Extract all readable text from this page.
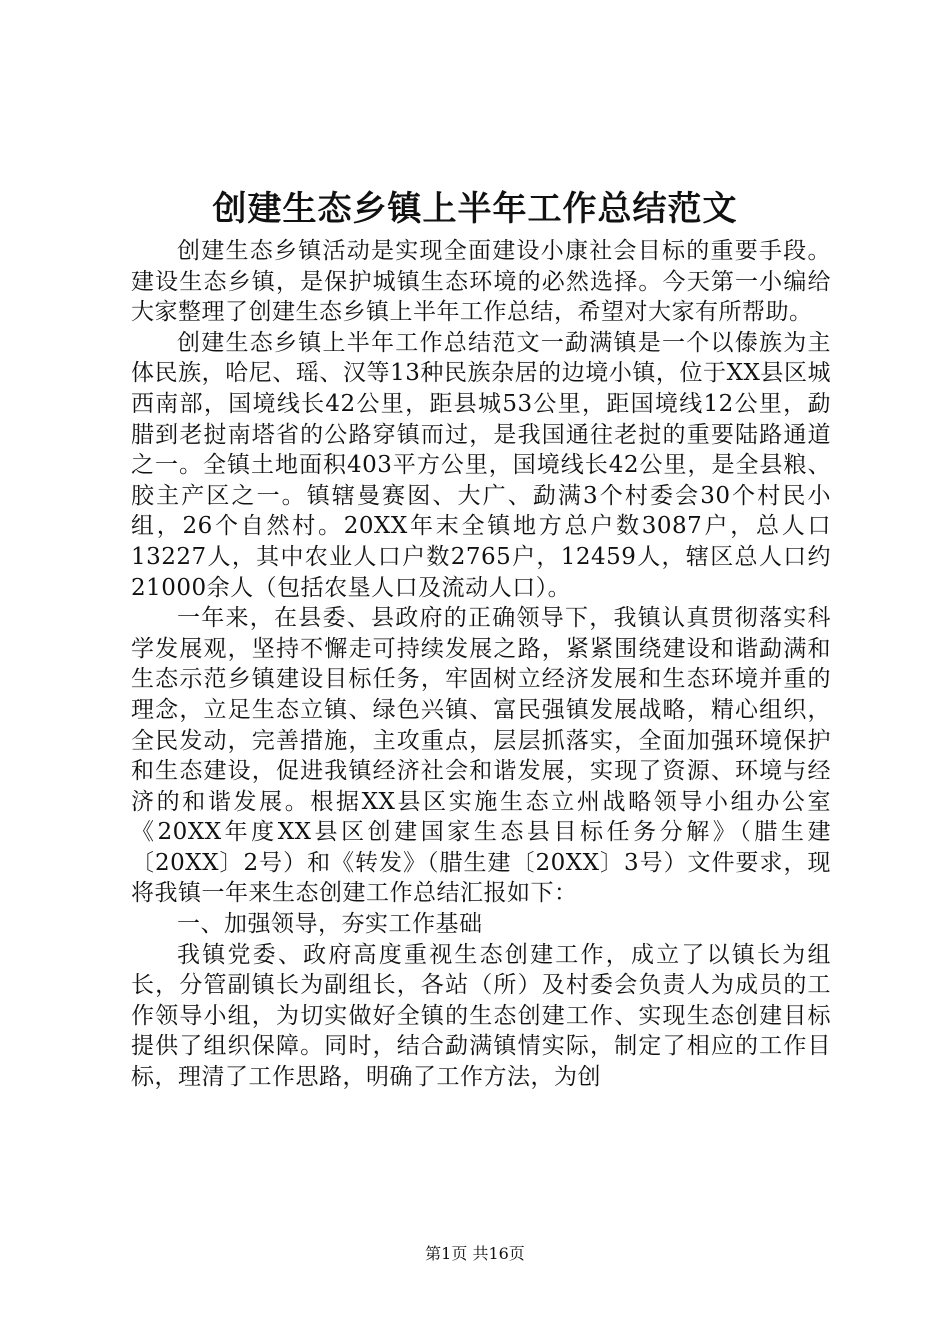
创建生态乡镇上半年工作总结范文

创建生态乡镇活动是实现全面建设小康社会目标的重要手段。建设生态乡镇，是保护城镇生态环境的必然选择。今天第一小编给大家整理了创建生态乡镇上半年工作总结，希望对大家有所帮助。

创建生态乡镇上半年工作总结范文一勐满镇是一个以傣族为主体民族，哈尼、瑶、汉等13种民族杂居的边境小镇，位于XX县区城西南部，国境线长42公里，距县城53公里，距国境线12公里，勐腊到老挝南塔省的公路穿镇而过，是我国通往老挝的重要陆路通道之一。全镇土地面积403平方公里，国境线长42公里，是全县粮、胶主产区之一。镇辖曼赛囡、大广、勐满3个村委会30个村民小组，26个自然村。20XX年末全镇地方总户数3087户，总人口13227人，其中农业人口户数2765户，12459人，辖区总人口约21000余人（包括农垦人口及流动人口）。

一年来，在县委、县政府的正确领导下，我镇认真贯彻落实科学发展观，坚持不懈走可持续发展之路，紧紧围绕建设和谐勐满和生态示范乡镇建设目标任务，牢固树立经济发展和生态环境并重的理念，立足生态立镇、绿色兴镇、富民强镇发展战略，精心组织，全民发动，完善措施，主攻重点，层层抓落实，全面加强环境保护和生态建设，促进我镇经济社会和谐发展，实现了资源、环境与经济的和谐发展。根据XX县区实施生态立州战略领导小组办公室《20XX年度XX县区创建国家生态县目标任务分解》（腊生建〔20XX〕2号）和《转发》（腊生建〔20XX〕3号）文件要求，现将我镇一年来生态创建工作总结汇报如下：

一、加强领导，夯实工作基础

我镇党委、政府高度重视生态创建工作，成立了以镇长为组长，分管副镇长为副组长，各站（所）及村委会负责人为成员的工作领导小组，为切实做好全镇的生态创建工作、实现生态创建目标提供了组织保障。同时，结合勐满镇情实际，制定了相应的工作目标，理清了工作思路，明确了工作方法，为创

第1页 共16页
